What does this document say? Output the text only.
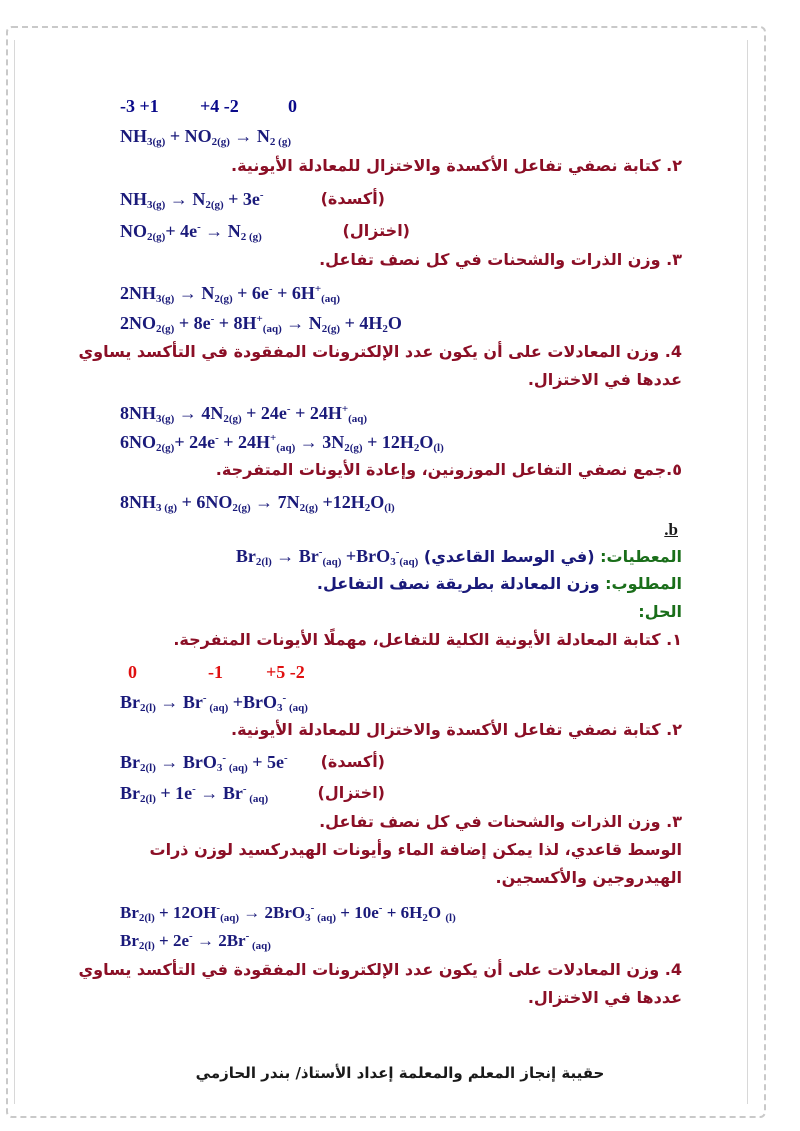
-3 +1 +4 -2	0
$NH_{3(g)} + NO_{2(g)} \to N_{2 (g)}$
٢. كتابة نصفي تفاعل الأكسدة والاختزال للمعادلة الأيونية.
$NH_{3(g)} \to N_{2(g)} + 3e^-$	(أكسدة)
$NO_{2(g)}+ 4e^- \to N_{2 (g)}$	(اختزال)
٣. وزن الذرات والشحنات في كل نصف تفاعل.
$2NH_{3(g)} \to N_{2(g)} + 6e^- + 6H^+_{(aq)}$
$2NO_{2(g)} + 8e^- + 8H^+_{(aq)} \to N_{2(g)} + 4H_2O$
4. وزن المعادلات على أن يكون عدد الإلكترونات المفقودة في التأكسد يساوي
عددها في الاختزال.
$8NH_{3(g)} \to 4N_{2(g)} + 24e^- + 24H^+_{(aq)}$
$6NO_{2(g)}+ 24e^- + 24H^+_{(aq)} \to 3N_{2(g)} + 12H_2O_{(l)}$
٥.جمع نصفي التفاعل الموزونين، وإعادة الأيونات المتفرجة.
$8NH_{3 (g)} + 6NO_{2(g)} \to 7N_{2(g)} +12H_2O_{(l)}$
.b
المعطيات: (في الوسط القاعدي) $Br_{2(l)} \to Br^-_{(aq)} +BrO_3^-_{(aq)}$
المطلوب: وزن المعادلة بطريقة نصف التفاعل.
الحل:
١. كتابة المعادلة الأيونية الكلية للتفاعل، مهملًا الأيونات المتفرجة.
0	-1 +5 -2
$Br_{2(l)} \to Br^-$ $_{(aq)}$ +BrO$_3$- $_{(aq)}$
٢. كتابة نصفي تفاعل الأكسدة والاختزال للمعادلة الأيونية.
$Br_{2(l)} \to BrO_3^-$ $_{(aq)}$ + 5e- (أكسدة)
$Br_{2(l)} + 1e^- \to Br^-$ $_{(aq)}$	(اختزال)
٣. وزن الذرات والشحنات في كل نصف تفاعل.
الوسط قاعدي، لذا يمكن إضافة الماء وأيونات الهيدركسيد لوزن ذرات
الهيدروجين والأكسجين.
$Br_{2(l)} + 12OH^-_{(aq)} \to 2BrO_3^-$ $_{(aq)} + 10e^- + 6H_2O$ $_{(l)}$
$Br_{2(l)} + 2e^- \to 2Br^-$ $_{(aq)}$
4. وزن المعادلات على أن يكون عدد الإلكترونات المفقودة في التأكسد يساوي
عددها في الاختزال.
حقيبة إنجاز المعلم والمعلمة إعداد الأستاذ/ بندر الحازمي
